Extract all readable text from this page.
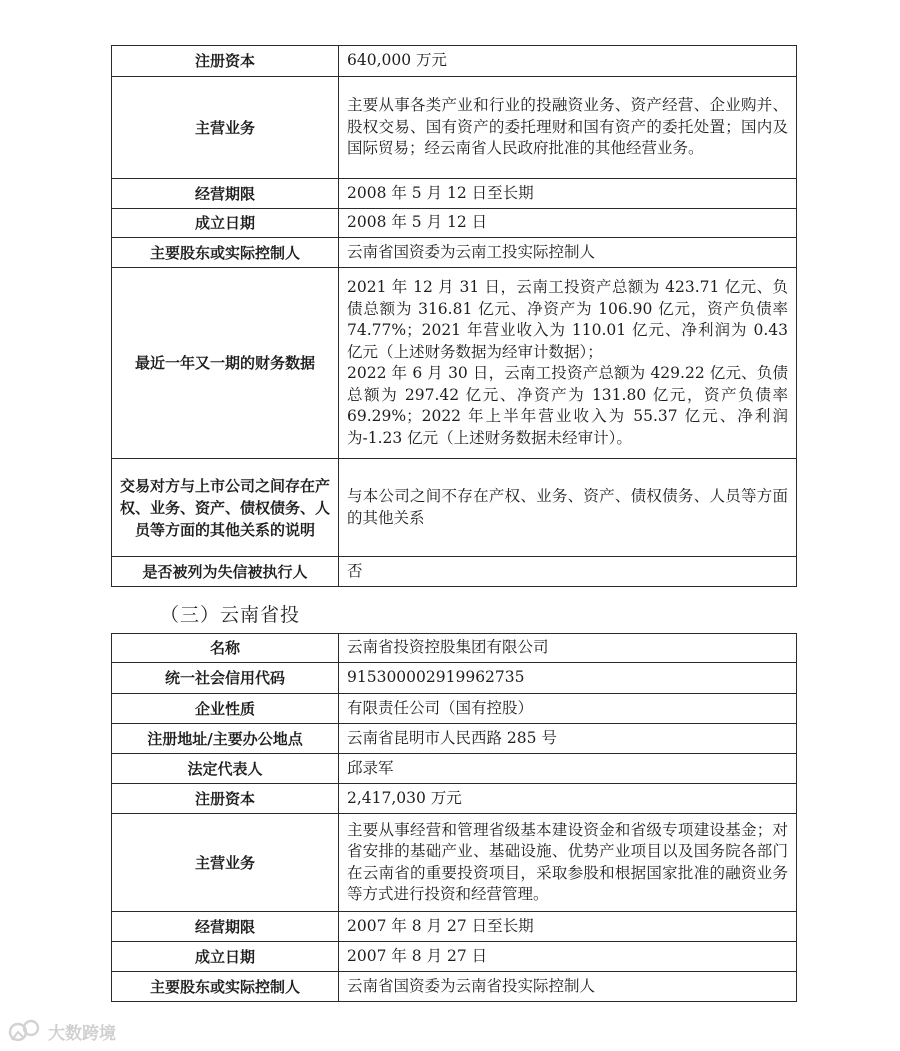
注册资本	640,000 万元
主营业务	主要从事各类产业和行业的投融资业务、资产经营、企业购并、股权交易、国有资产的委托理财和国有资产的委托处置；国内及国际贸易；经云南省人民政府批准的其他经营业务。
经营期限	2008 年 5 月 12 日至长期
成立日期	2008 年 5 月 12 日
主要股东或实际控制人	云南省国资委为云南工投实际控制人
最近一年又一期的财务数据	2021 年 12 月 31 日，云南工投资产总额为 423.71 亿元、负债总额为 316.81 亿元、净资产为 106.90 亿元，资产负债率 74.77%；2021 年营业收入为 110.01 亿元、净利润为 0.43 亿元（上述财务数据为经审计数据）；
2022 年 6 月 30 日，云南工投资产总额为 429.22 亿元、负债总额为 297.42 亿元、净资产为 131.80 亿元，资产负债率 69.29%；2022 年上半年营业收入为 55.37 亿元、净利润为-1.23 亿元（上述财务数据未经审计）。
交易对方与上市公司之间存在产权、业务、资产、债权债务、人员等方面的其他关系的说明	与本公司之间不存在产权、业务、资产、债权债务、人员等方面的其他关系
是否被列为失信被执行人	否
（三）云南省投
名称	云南省投资控股集团有限公司
统一社会信用代码	915300002919962735
企业性质	有限责任公司（国有控股）
注册地址/主要办公地点	云南省昆明市人民西路 285 号
法定代表人	邱录军
注册资本	2,417,030 万元
主营业务	主要从事经营和管理省级基本建设资金和省级专项建设基金；对省安排的基础产业、基础设施、优势产业项目以及国务院各部门在云南省的重要投资项目，采取参股和根据国家批准的融资业务等方式进行投资和经营管理。
经营期限	2007 年 8 月 27 日至长期
成立日期	2007 年 8 月 27 日
主要股东或实际控制人	云南省国资委为云南省投实际控制人
大数跨境
